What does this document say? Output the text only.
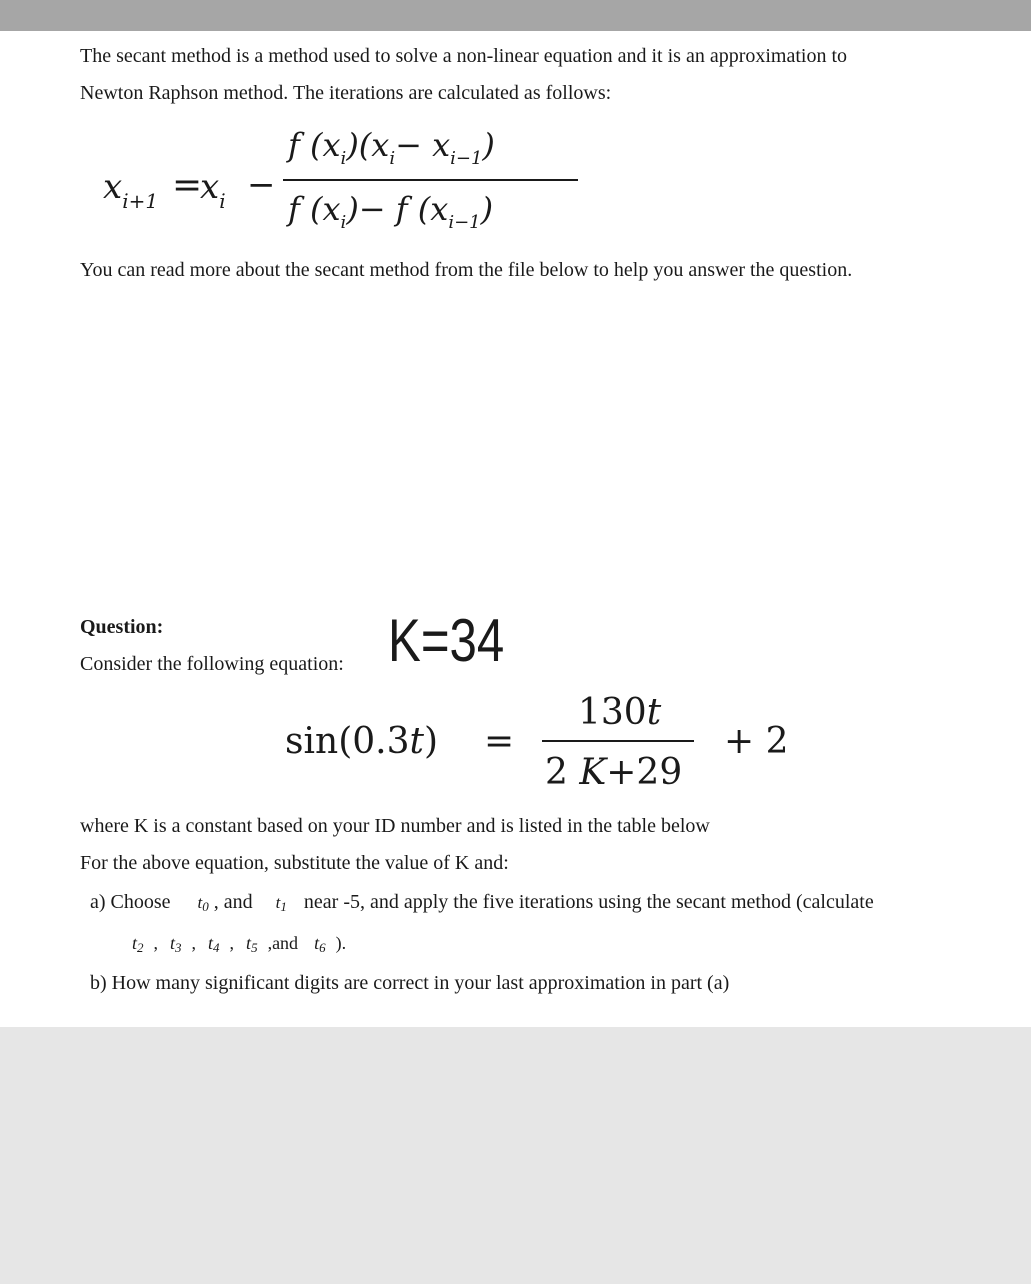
The secant method is a method used to solve a non-linear equation and it is an approximation to
Newton Raphson method. The iterations are calculated as follows:
$x_{i+1}$ =
$x_i$ −
f $(x_i)(x_i- x_{i-1})$
f $(x_i)- f$ $(x_{i-1})$
You can read more about the secant method from the file below to help you answer the question.
Question:
Consider the following equation: K=34
sin(0.3t) =
130t
2 K+29
+ 2
where K is a constant based on your ID number and is listed in the table below
For the above equation, substitute the value of K and:
a) Choose $t_0$ , and $t_1$ near -5, and apply the five iterations using the secant method (calculate
$t_2$ , $t_3$ , $t_4$ , $t_5$ ,and $t_6$ ).
b) How many significant digits are correct in your last approximation in part (a)
